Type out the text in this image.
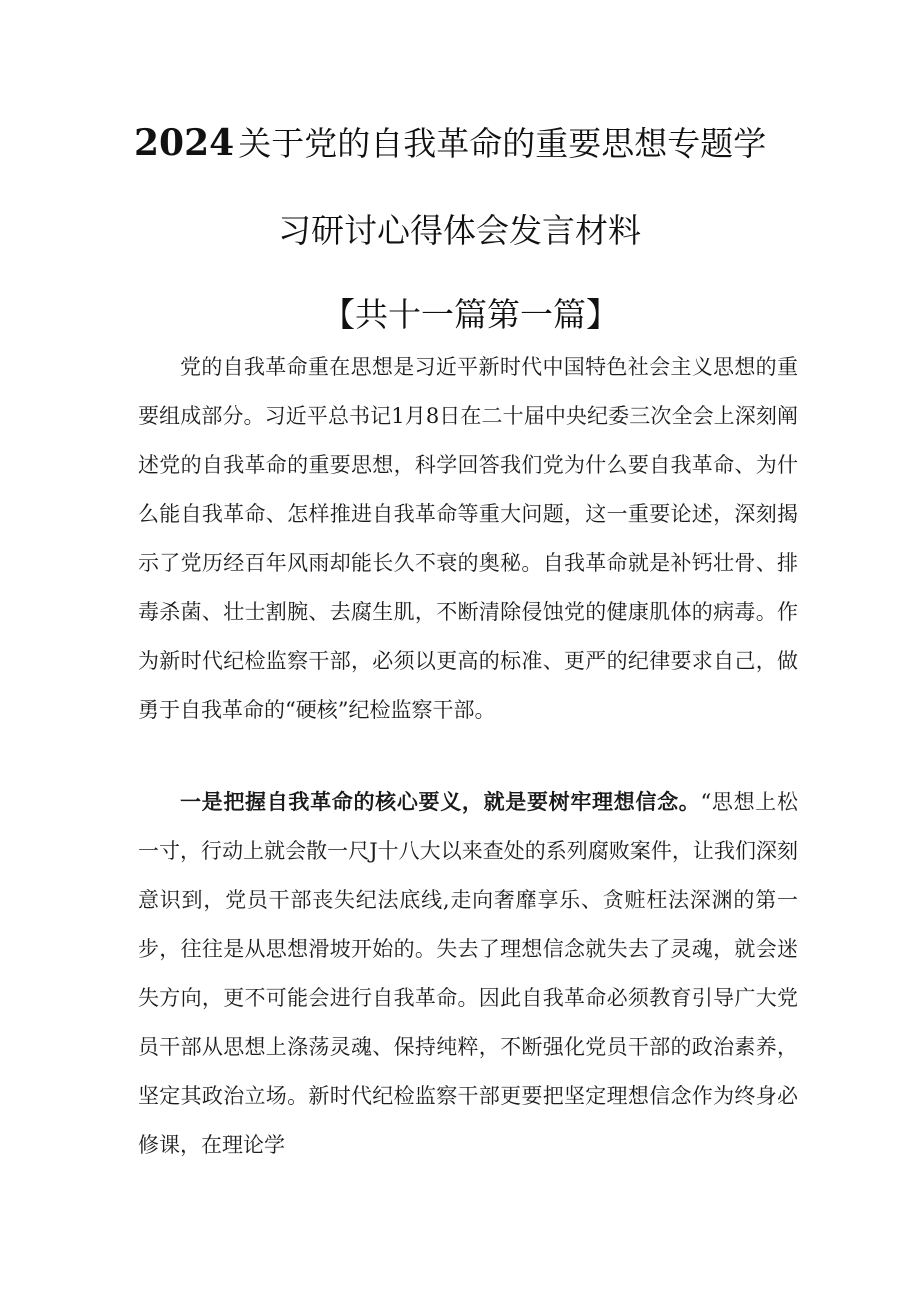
2024 关于党的自我革命的重要思想专题学
习研讨心得体会发言材料
【共十一篇第一篇】

党的自我革命重在思想是习近平新时代中国特色社会主义思想的重要组成部分。习近平总书记1月8日在二十届中央纪委三次全会上深刻阐述党的自我革命的重要思想，科学回答我们党为什么要自我革命、为什么能自我革命、怎样推进自我革命等重大问题，这一重要论述，深刻揭示了党历经百年风雨却能长久不衰的奥秘。自我革命就是补钙壮骨、排毒杀菌、壮士割腕、去腐生肌，不断清除侵蚀党的健康肌体的病毒。作为新时代纪检监察干部，必须以更高的标准、更严的纪律要求自己，做勇于自我革命的“硬核”纪检监察干部。

一是把握自我革命的核心要义，就是要树牢理想信念。“思想上松一寸，行动上就会散一尺J十八大以来查处的系列腐败案件，让我们深刻意识到，党员干部丧失纪法底线,走向奢靡享乐、贪赃枉法深渊的第一步，往往是从思想滑坡开始的。失去了理想信念就失去了灵魂，就会迷失方向，更不可能会进行自我革命。因此自我革命必须教育引导广大党员干部从思想上涤荡灵魂、保持纯粹，不断强化党员干部的政治素养，坚定其政治立场。新时代纪检监察干部更要把坚定理想信念作为终身必修课，在理论学
